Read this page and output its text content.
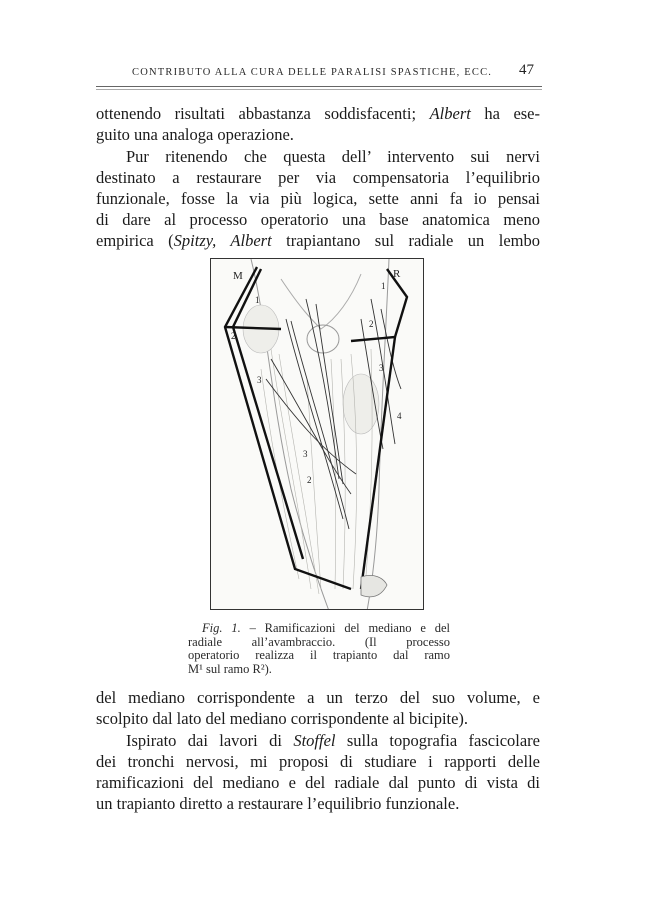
CONTRIBUTO ALLA CURA DELLE PARALISI SPASTICHE, ECC. 47
ottenendo risultati abbastanza soddisfacenti; Albert ha ese-
guito una analoga operazione.
Pur ritenendo che questa dell’ intervento sui nervi
destinato a restaurare per via compensatoria l’equilibrio
funzionale, fosse la via più logica, sette anni fa io pensai
di dare al processo operatorio una base anatomica meno
empirica (Spitzy, Albert trapiantano sul radiale un lembo
M	R
1
2
3
1
2
3
4
3
2
Fig. 1. – Ramificazioni del mediano e del
radiale all’avambraccio. (Il processo
operatorio realizza il trapianto dal ramo
M¹ sul ramo R²).
del mediano corrispondente a un terzo del suo volume, e
scolpito dal lato del mediano corrispondente al bicipite).
Ispirato dai lavori di Stoffel sulla topografia fascicolare
dei tronchi nervosi, mi proposi di studiare i rapporti delle
ramificazioni del mediano e del radiale dal punto di vista di
un trapianto diretto a restaurare l’equilibrio funzionale.
